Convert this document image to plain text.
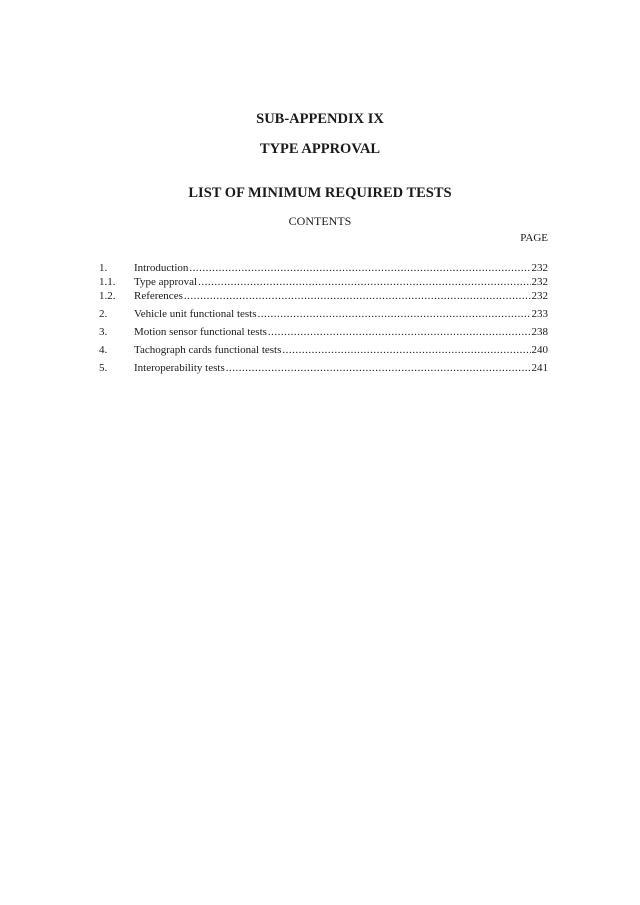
SUB-APPENDIX IX
TYPE APPROVAL
LIST OF MINIMUM REQUIRED TESTS
CONTENTS

PAGE

1.	Introduction .....	232
1.1.	Type approval .....	232
1.2.	References .....	232
2.	Vehicle unit functional tests .....	233
3.	Motion sensor functional tests .....	238
4.	Tachograph cards functional tests .....	240
5.	Interoperability tests .....	241
